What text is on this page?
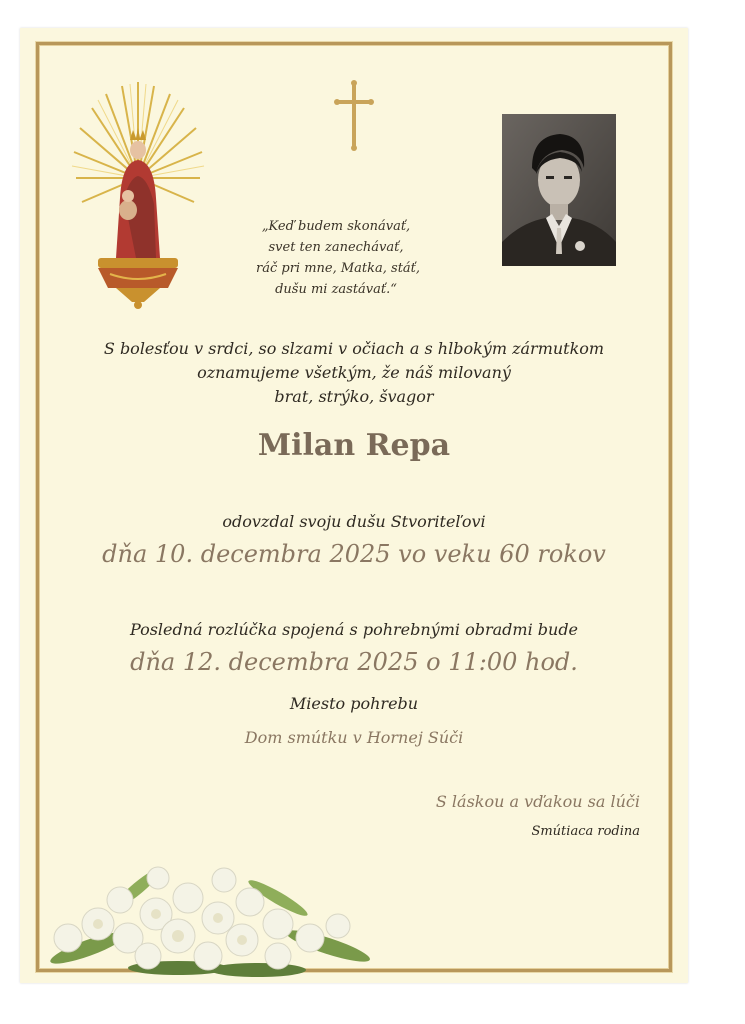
„Keď budem skonávať,
svet ten zanechávať,
ráč pri mne, Matka, stáť,
dušu mi zastávať.“
S bolesťou v srdci, so slzami v očiach a s hlbokým zármutkom
oznamujeme všetkým, že náš milovaný
brat, strýko, švagor
Milan Repa
odovzdal svoju dušu Stvoriteľovi
dňa 10. decembra 2025 vo veku 60 rokov
Posledná rozlúčka spojená s pohrebnými obradmi bude
dňa 12. decembra 2025 o 11:00 hod.
Miesto pohrebu
Dom smútku v Hornej Súči
S láskou a vďakou sa lúči
Smútiaca rodina
